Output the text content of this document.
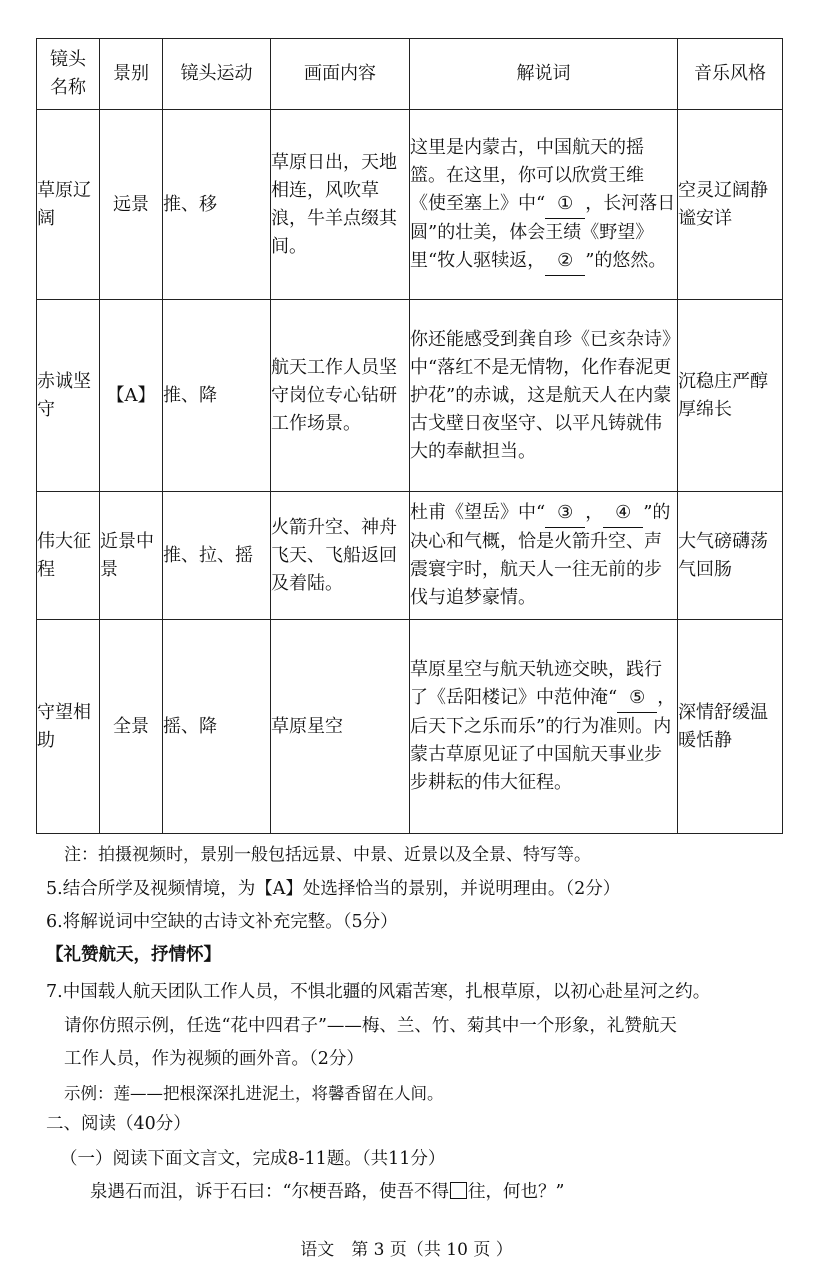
镜头名称	景别	镜头运动	画面内容	解说词	音乐风格
草原辽阔	远景	推、移	草原日出，天地相连，风吹草浪，牛羊点缀其间。	这里是内蒙古，中国航天的摇篮。在这里，你可以欣赏王维《使至塞上》中“ ① ，长河落日圆”的壮美，体会王绩《野望》里“牧人驱犊返， ② ”的悠然。	空灵辽阔静谧安详
赤诚坚守	【A】	推、降	航天工作人员坚守岗位专心钻研工作场景。	你还能感受到龚自珍《已亥杂诗》中“落红不是无情物，化作春泥更护花”的赤诚，这是航天人在内蒙古戈壁日夜坚守、以平凡铸就伟大的奉献担当。	沉稳庄严醇厚绵长
伟大征程	近景中景	推、拉、摇	火箭升空、神舟飞天、飞船返回及着陆。	杜甫《望岳》中“ ③ ， ④ ”的决心和气概，恰是火箭升空、声震寰宇时，航天人一往无前的步伐与追梦豪情。	大气磅礴荡气回肠
守望相助	全景	摇、降	草原星空	草原星空与航天轨迹交映，践行了《岳阳楼记》中范仲淹“ ⑤ ，后天下之乐而乐”的行为准则。内蒙古草原见证了中国航天事业步步耕耘的伟大征程。	深情舒缓温暖恬静
注：拍摄视频时，景别一般包括远景、中景、近景以及全景、特写等。
5.结合所学及视频情境，为【A】处选择恰当的景别，并说明理由。（2分）
6.将解说词中空缺的古诗文补充完整。（5分）
【礼赞航天，抒情怀】
7.中国载人航天团队工作人员，不惧北疆的风霜苦寒，扎根草原，以初心赴星河之约。
请你仿照示例，任选“花中四君子”——梅、兰、竹、菊其中一个形象，礼赞航天
工作人员，作为视频的画外音。（2分）
示例：莲——把根深深扎进泥土，将馨香留在人间。
二、阅读（40分）
（一）阅读下面文言文，完成8-11题。（共11分）
泉遇石而沮，诉于石曰：“尔梗吾路，使吾不得 往，何也？”
语文　第 3 页（共 10 页 ）
